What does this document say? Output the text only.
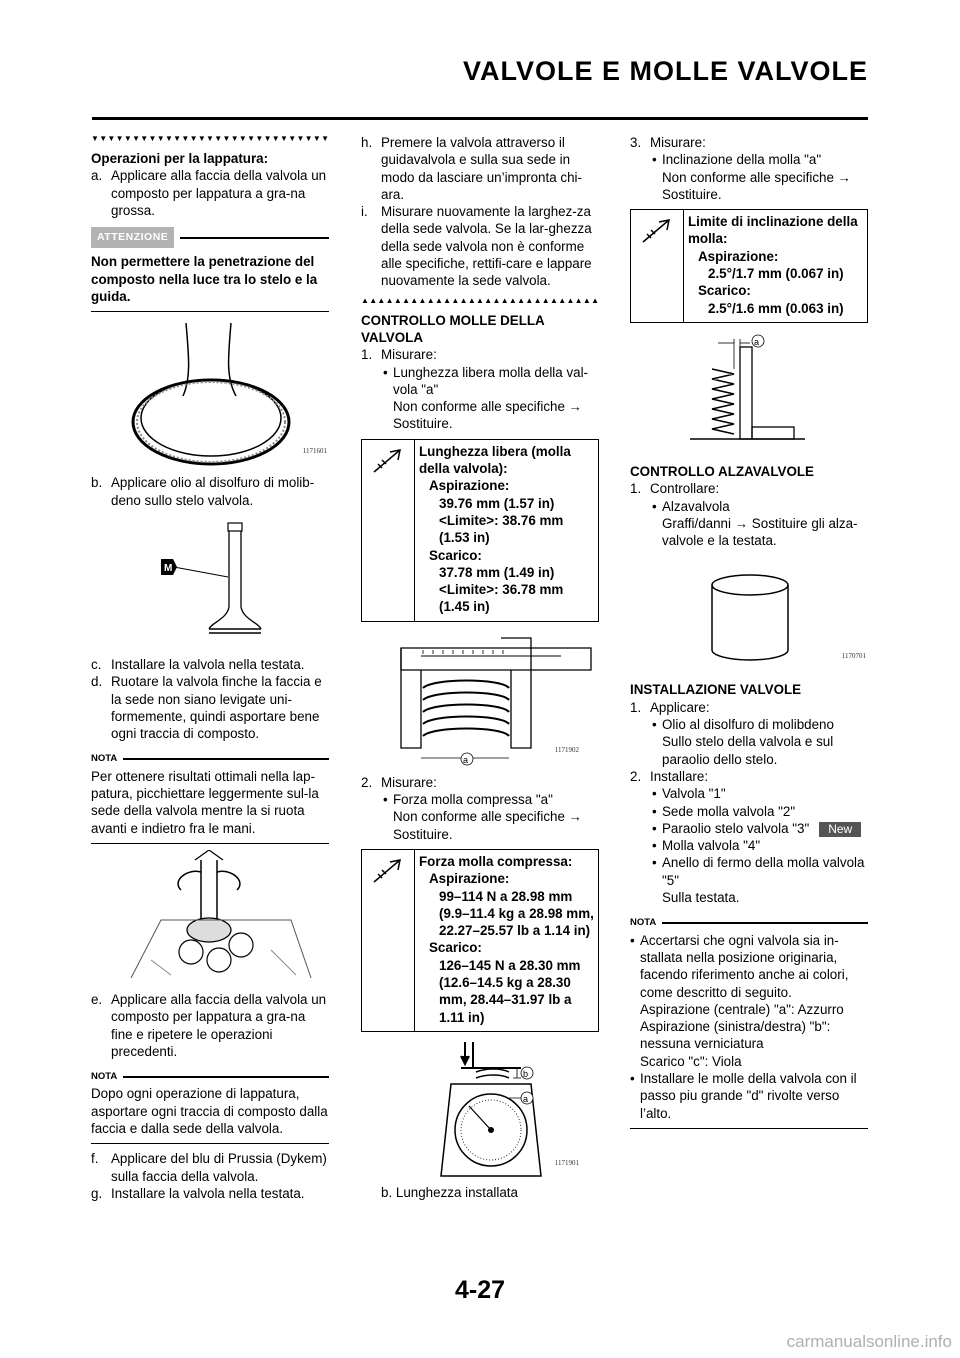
VALVOLE E MOLLE VALVOLE
▼▼▼▼▼▼▼▼▼▼▼▼▼▼▼▼▼▼▼▼▼▼▼▼▼▼▼▼▼
Operazioni per la lappatura:
a. Applicare alla faccia della valvola un composto per lappatura a gra-na grossa.
ATTENZIONE
Non permettere la penetrazione del composto nella luce tra lo stelo e la guida.
1171601
b. Applicare olio al disolfuro di molib-deno sullo stelo valvola.
M
c. Installare la valvola nella testata.
d. Ruotare la valvola finche la faccia e la sede non siano levigate uni-formemente, quindi asportare bene ogni traccia di composto.
NOTA
Per ottenere risultati ottimali nella lap-patura, picchiettare leggermente sul-la sede della valvola mentre la si ruota avanti e indietro fra le mani.
e. Applicare alla faccia della valvola un composto per lappatura a gra-na fine e ripetere le operazioni precedenti.
NOTA
Dopo ogni operazione di lappatura, asportare ogni traccia di composto dalla faccia e dalla sede della valvola.
f. Applicare del blu di Prussia (Dykem) sulla faccia della valvola.
g. Installare la valvola nella testata.
h. Premere la valvola attraverso il guidavalvola e sulla sua sede in modo da lasciare un’impronta chi-ara.
i. Misurare nuovamente la larghez-za della sede valvola. Se la lar-ghezza della sede valvola non è conforme alle specifiche, rettifi-care e lappare nuovamente la sede valvola.
▲▲▲▲▲▲▲▲▲▲▲▲▲▲▲▲▲▲▲▲▲▲▲▲▲▲▲▲▲
CONTROLLO MOLLE DELLA VALVOLA
1. Misurare:
• Lunghezza libera molla della val-vola "a"
Non conforme alle specifiche → Sostituire.
Lunghezza libera (molla della valvola):
Aspirazione:
39.76 mm (1.57 in)
<Limite>: 38.76 mm (1.53 in)
Scarico:
37.78 mm (1.49 in)
<Limite>: 36.78 mm (1.45 in)
a
1171902
2. Misurare:
• Forza molla compressa "a"
Non conforme alle specifiche → Sostituire.
Forza molla compressa:
Aspirazione:
99–114 N a 28.98 mm (9.9–11.4 kg a 28.98 mm, 22.27–25.57 lb a 1.14 in)
Scarico:
126–145 N a 28.30 mm (12.6–14.5 kg a 28.30 mm, 28.44–31.97 lb a 1.11 in)
b
a
1171901
b. Lunghezza installata
3. Misurare:
• Inclinazione della molla "a"
Non conforme alle specifiche → Sostituire.
Limite di inclinazione della molla:
Aspirazione:
2.5°/1.7 mm (0.067 in)
Scarico:
2.5°/1.6 mm (0.063 in)
a
CONTROLLO ALZAVALVOLE
1. Controllare:
• Alzavalvola
Graffi/danni → Sostituire gli alza-valvole e la testata.
1170701
INSTALLAZIONE VALVOLE
1. Applicare:
• Olio al disolfuro di molibdeno
Sullo stelo della valvola e sul paraolio dello stelo.
2. Installare:
• Valvola "1"
• Sede molla valvola "2"
• Paraolio stelo valvola "3" New
• Molla valvola "4"
• Anello di fermo della molla valvola "5"
Sulla testata.
NOTA
• Accertarsi che ogni valvola sia in-stallata nella posizione originaria, facendo riferimento anche ai colori, come descritto di seguito.
Aspirazione (centrale) "a": Azzurro
Aspirazione (sinistra/destra) "b": nessuna verniciatura
Scarico "c": Viola
• Installare le molle della valvola con il passo piu grande "d" rivolte verso l’alto.
4-27
carmanualsonline.info
